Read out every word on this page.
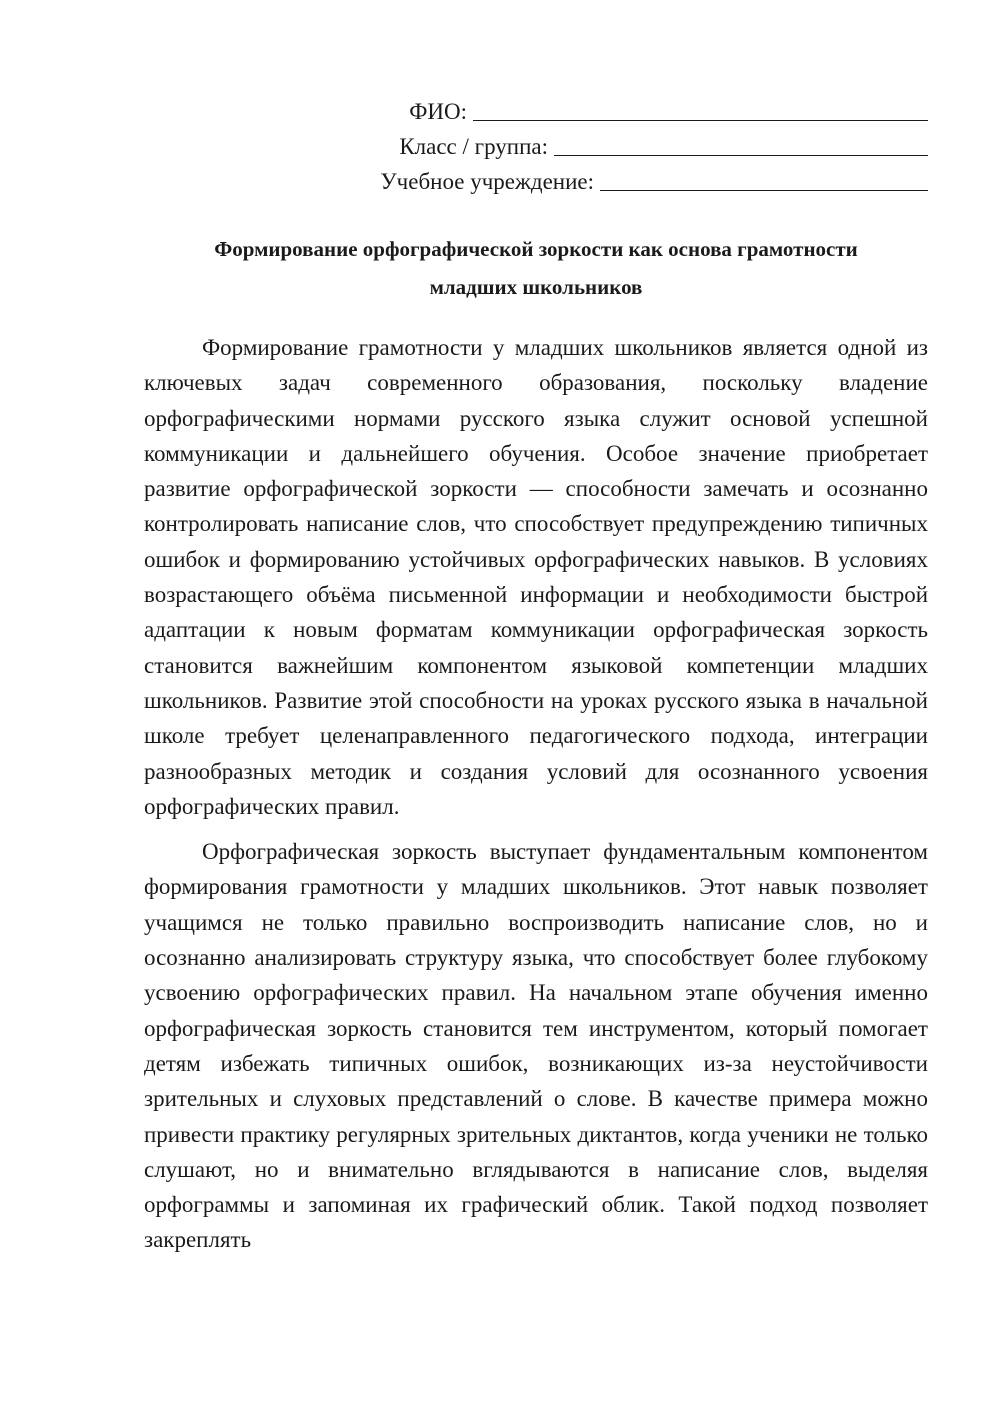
ФИО:
Класс / группа:
Учебное учреждение:
Формирование орфографической зоркости как основа грамотности
младших школьников

Формирование грамотности у младших школьников является одной из ключевых задач современного образования, поскольку владение орфографическими нормами русского языка служит основой успешной коммуникации и дальнейшего обучения. Особое значение приобретает развитие орфографической зоркости — способности замечать и осознанно контролировать написание слов, что способствует предупреждению типичных ошибок и формированию устойчивых орфографических навыков. В условиях возрастающего объёма письменной информации и необходимости быстрой адаптации к новым форматам коммуникации орфографическая зоркость становится важнейшим компонентом языковой компетенции младших школьников. Развитие этой способности на уроках русского языка в начальной школе требует целенаправленного педагогического подхода, интеграции разнообразных методик и создания условий для осознанного усвоения орфографических правил.

Орфографическая зоркость выступает фундаментальным компонентом формирования грамотности у младших школьников. Этот навык позволяет учащимся не только правильно воспроизводить написание слов, но и осознанно анализировать структуру языка, что способствует более глубокому усвоению орфографических правил. На начальном этапе обучения именно орфографическая зоркость становится тем инструментом, который помогает детям избежать типичных ошибок, возникающих из-за неустойчивости зрительных и слуховых представлений о слове. В качестве примера можно привести практику регулярных зрительных диктантов, когда ученики не только слушают, но и внимательно вглядываются в написание слов, выделяя орфограммы и запоминая их графический облик. Такой подход позволяет закреплять
